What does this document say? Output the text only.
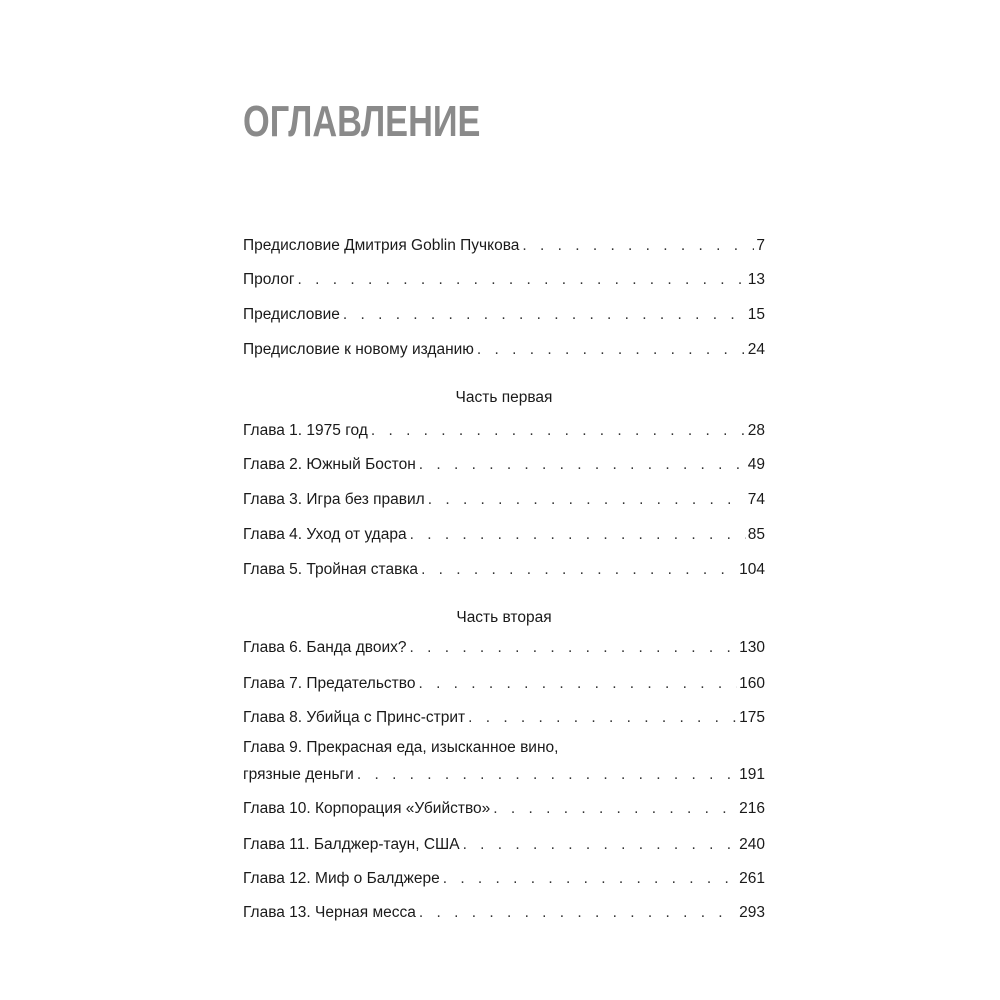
ОГЛАВЛЕНИЕ
Предисловие Дмитрия Goblin Пучкова . . .	7
Пролог . . .	13
Предисловие . . .	15
Предисловие к новому изданию . . .	24
Часть первая
Глава 1. 1975 год . . .	28
Глава 2. Южный Бостон . . .	49
Глава 3. Игра без правил . . .	74
Глава 4. Уход от удара . . .	85
Глава 5. Тройная ставка . . .	104
Часть вторая
Глава 6. Банда двоих? . . .	130
Глава 7. Предательство . . .	160
Глава 8. Убийца с Принс-стрит . . .	175
Глава 9. Прекрасная еда, изысканное вино,
грязные деньги . . .	191
Глава 10. Корпорация «Убийство» . . .	216
Глава 11. Балджер-таун, США . . .	240
Глава 12. Миф о Балджере . . .	261
Глава 13. Черная месса . . .	293
